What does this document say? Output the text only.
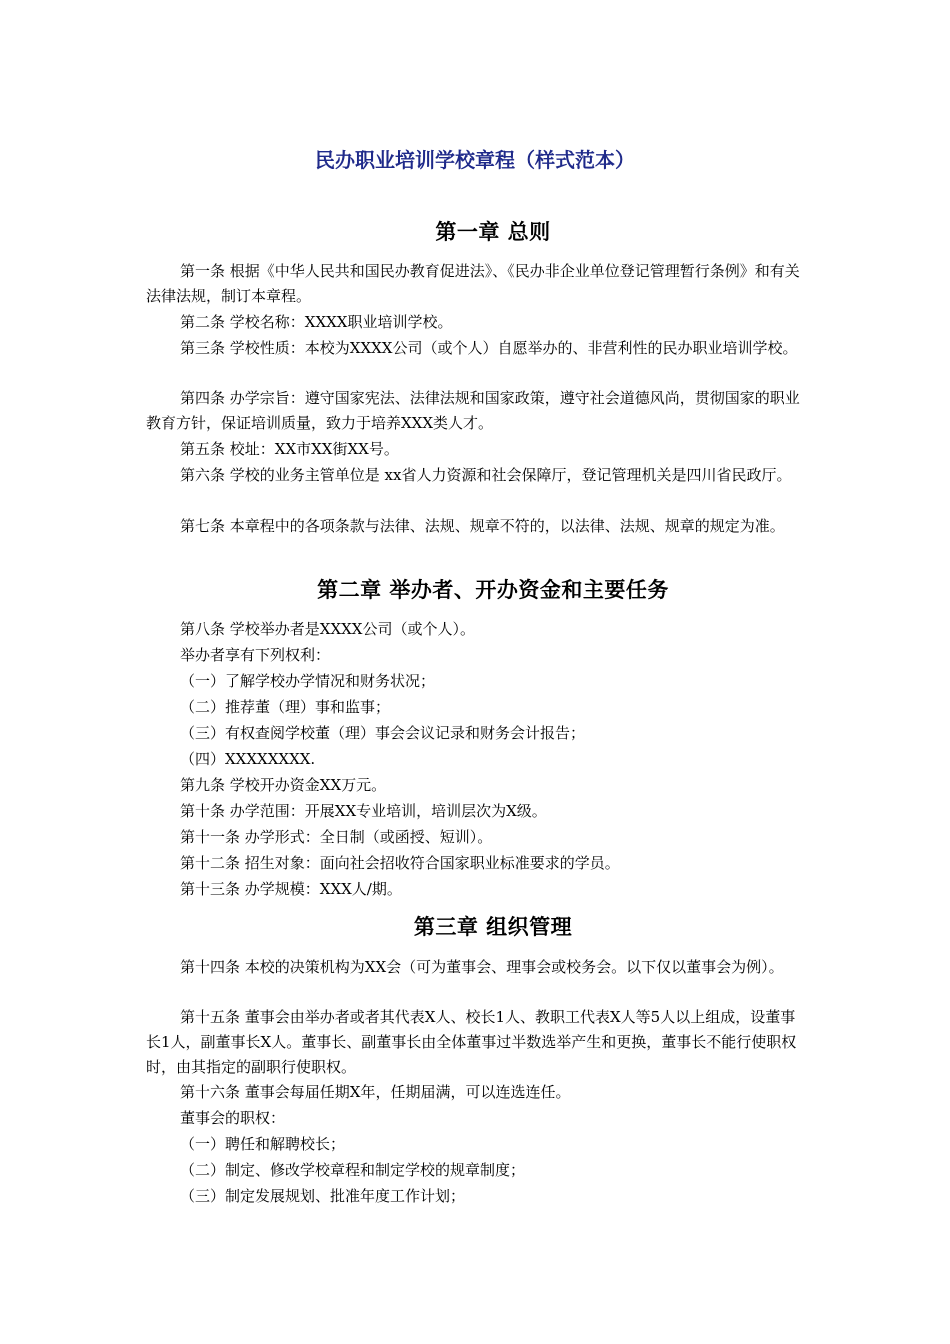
民办职业培训学校章程（样式范本）
第一章 总则
第一条 根据《中华人民共和国民办教育促进法》、《民办非企业单位登记管理暂行条例》和有关法律法规，制订本章程。
第二条 学校名称：XXXX职业培训学校。
第三条 学校性质：本校为XXXX公司（或个人）自愿举办的、非营利性的民办职业培训学校。
第四条 办学宗旨：遵守国家宪法、法律法规和国家政策，遵守社会道德风尚，贯彻国家的职业教育方针，保证培训质量，致力于培养XXX类人才。
第五条 校址：XX市XX街XX号。
第六条 学校的业务主管单位是 xx省人力资源和社会保障厅，登记管理机关是四川省民政厅。
第七条 本章程中的各项条款与法律、法规、规章不符的，以法律、法规、规章的规定为准。
第二章 举办者、开办资金和主要任务
第八条 学校举办者是XXXX公司（或个人）。
举办者享有下列权利：
（一）了解学校办学情况和财务状况；
（二）推荐董（理）事和监事；
（三）有权查阅学校董（理）事会会议记录和财务会计报告；
（四）XXXXXXXX.
第九条 学校开办资金XX万元。
第十条 办学范围：开展XX专业培训，培训层次为X级。
第十一条 办学形式：全日制（或函授、短训）。
第十二条 招生对象：面向社会招收符合国家职业标准要求的学员。
第十三条 办学规模：XXX人/期。
第三章 组织管理
第十四条 本校的决策机构为XX会（可为董事会、理事会或校务会。以下仅以董事会为例）。
第十五条 董事会由举办者或者其代表X人、校长1人、教职工代表X人等5人以上组成，设董事长1人，副董事长X人。董事长、副董事长由全体董事过半数选举产生和更换，董事长不能行使职权时，由其指定的副职行使职权。
第十六条 董事会每届任期X年，任期届满，可以连选连任。
董事会的职权：
（一）聘任和解聘校长；
（二）制定、修改学校章程和制定学校的规章制度；
（三）制定发展规划、批准年度工作计划；
